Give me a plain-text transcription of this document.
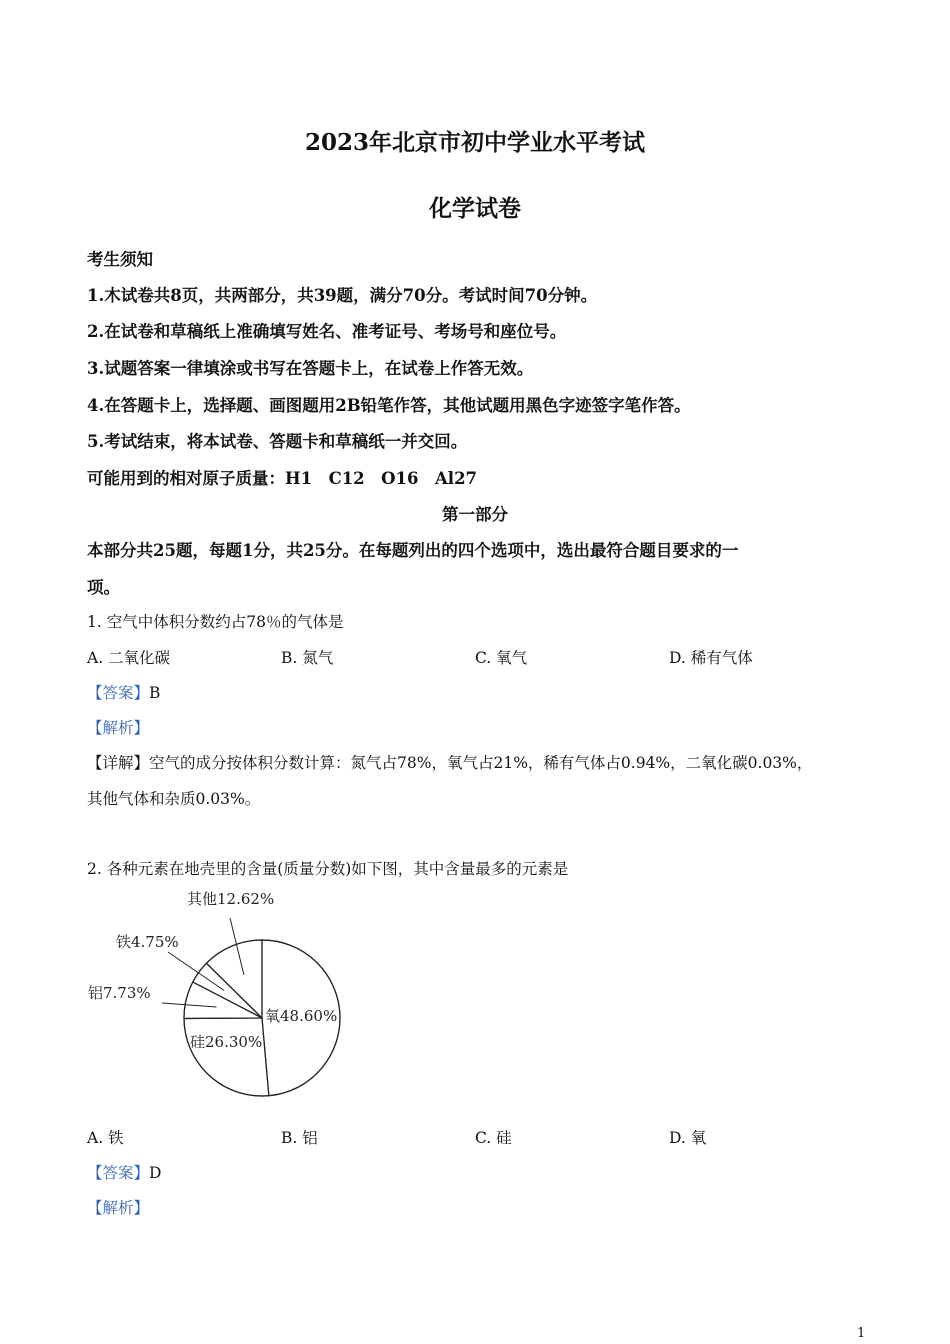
2023年北京市初中学业水平考试
化学试卷
考生须知
1.木试卷共8页，共两部分，共39题，满分70分。考试时间70分钟。
2.在试卷和草稿纸上准确填写姓名、准考证号、考场号和座位号。
3.试题答案一律填涂或书写在答题卡上，在试卷上作答无效。
4.在答题卡上，选择题、画图题用2B铅笔作答，其他试题用黑色字迹签字笔作答。
5.考试结束，将本试卷、答题卡和草稿纸一并交回。
可能用到的相对原子质量：H1　C12　O16　Al27
第一部分
本部分共25题，每题1分，共25分。在每题列出的四个选项中，选出最符合题目要求的一
项。
1. 空气中体积分数约占78％的气体是
A. 二氧化碳	B. 氮气	C. 氧气	D. 稀有气体
【答案】B
【解析】
【详解】空气的成分按体积分数计算：氮气占78%，氧气占21%，稀有气体占0.94%，二氧化碳0.03%，
其他气体和杂质0.03%。
2. 各种元素在地壳里的含量(质量分数)如下图，其中含量最多的元素是
其他12.62%
铁4.75%
铝7.73%
氧48.60%
硅26.30%
A. 铁	B. 铝	C. 硅	D. 氧
【答案】D
【解析】
1
